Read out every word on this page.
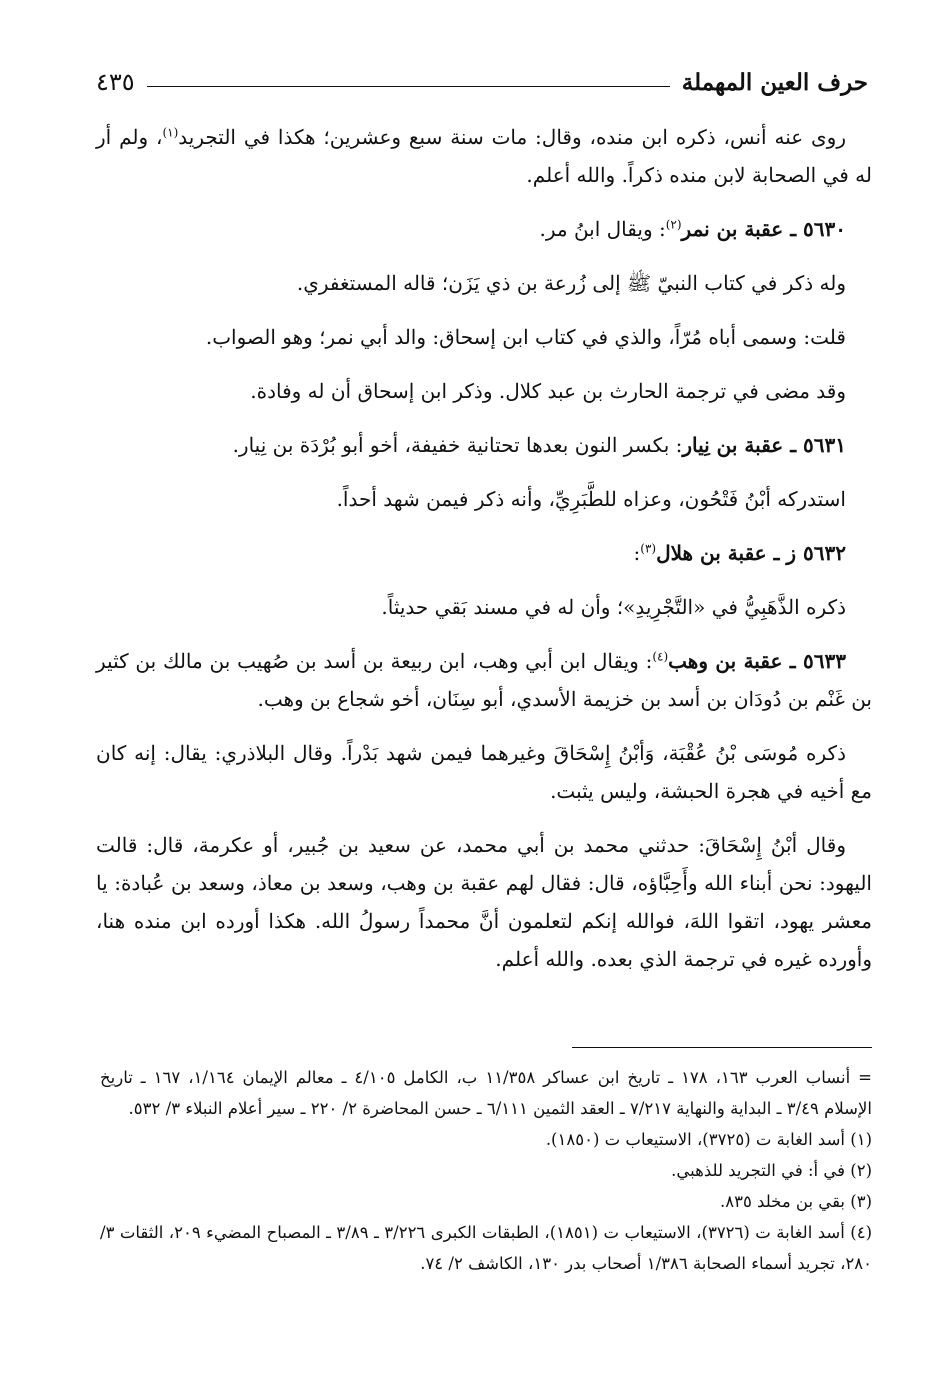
حرف العين المهملة
٤٣٥

روى عنه أنس، ذكره ابن منده، وقال: مات سنة سبع وعشرين؛ هكذا في التجريد$^{(١)}$، ولم أر له في الصحابة لابن منده ذكراً. والله أعلم.

٥٦٣٠ ـ عقبة بن نمر$^{(٢)}$: ويقال ابنُ مر.

وله ذكر في كتاب النبيّ ﷺ إلى زُرعة بن ذي يَزَن؛ قاله المستغفري.

قلت: وسمى أباه مُرّاً، والذي في كتاب ابن إسحاق: والد أبي نمر؛ وهو الصواب.

وقد مضى في ترجمة الحارث بن عبد كلال. وذكر ابن إسحاق أن له وفادة.

٥٦٣١ ـ عقبة بن نِيار: بكسر النون بعدها تحتانية خفيفة، أخو أبو بُرْدَة بن نِيار.

استدركه أبْنُ فَتْحُون، وعزاه للطَّبَرِيِّ، وأنه ذكر فيمن شهد أحداً.

٥٦٣٢ ز ـ عقبة بن هلال$^{(٣)}$:

ذكره الذَّهَبِيُّ في «التَّجْرِيدِ»؛ وأن له في مسند بَقي حديثاً.

٥٦٣٣ ـ عقبة بن وهب$^{(٤)}$: ويقال ابن أبي وهب، ابن ربيعة بن أسد بن صُهيب بن مالك بن كثير بن غَنْم بن دُودَان بن أسد بن خزيمة الأسدي، أبو سِنَان، أخو شجاع بن وهب.

ذكره مُوسَى بْنُ عُقْبَة، وَأبْنُ إِسْحَاقَ وغيرهما فيمن شهد بَدْراً. وقال البلاذري: يقال: إنه كان مع أخيه في هجرة الحبشة، وليس يثبت.

وقال أبْنُ إِسْحَاقَ: حدثني محمد بن أبي محمد، عن سعيد بن جُبير، أو عكرمة، قال: قالت اليهود: نحن أبناء الله وأَحِبَّاؤه، قال: فقال لهم عقبة بن وهب، وسعد بن معاذ، وسعد بن عُبادة: يا معشر يهود، اتقوا اللهَ، فوالله إنكم لتعلمون أنَّ محمداً رسولُ الله. هكذا أورده ابن منده هنا، وأورده غيره في ترجمة الذي بعده. والله أعلم.

= أنساب العرب ١٦٣، ١٧٨ ـ تاريخ ابن عساكر ١١/٣٥٨ ب، الكامل ٤/١٠٥ ـ معالم الإيمان ١/١٦٤، ١٦٧ ـ تاريخ الإسلام ٣/٤٩ ـ البداية والنهاية ٧/٢١٧ ـ العقد الثمين ٦/١١١ ـ حسن المحاضرة ٢/ ٢٢٠ ـ سير أعلام النبلاء ٣/ ٥٣٢.

(١) أسد الغابة ت (٣٧٢٥)، الاستيعاب ت (١٨٥٠).

(٢) في أ: في التجريد للذهبي.

(٣) بقي بن مخلد ٨٣٥.

(٤) أسد الغابة ت (٣٧٢٦)، الاستيعاب ت (١٨٥١)، الطبقات الكبرى ٣/٢٢٦ ـ ٣/٨٩ ـ المصباح المضيء ٢٠٩، الثقات ٣/ ٢٨٠، تجريد أسماء الصحابة ١/٣٨٦ أصحاب بدر ١٣٠، الكاشف ٢/ ٧٤.
